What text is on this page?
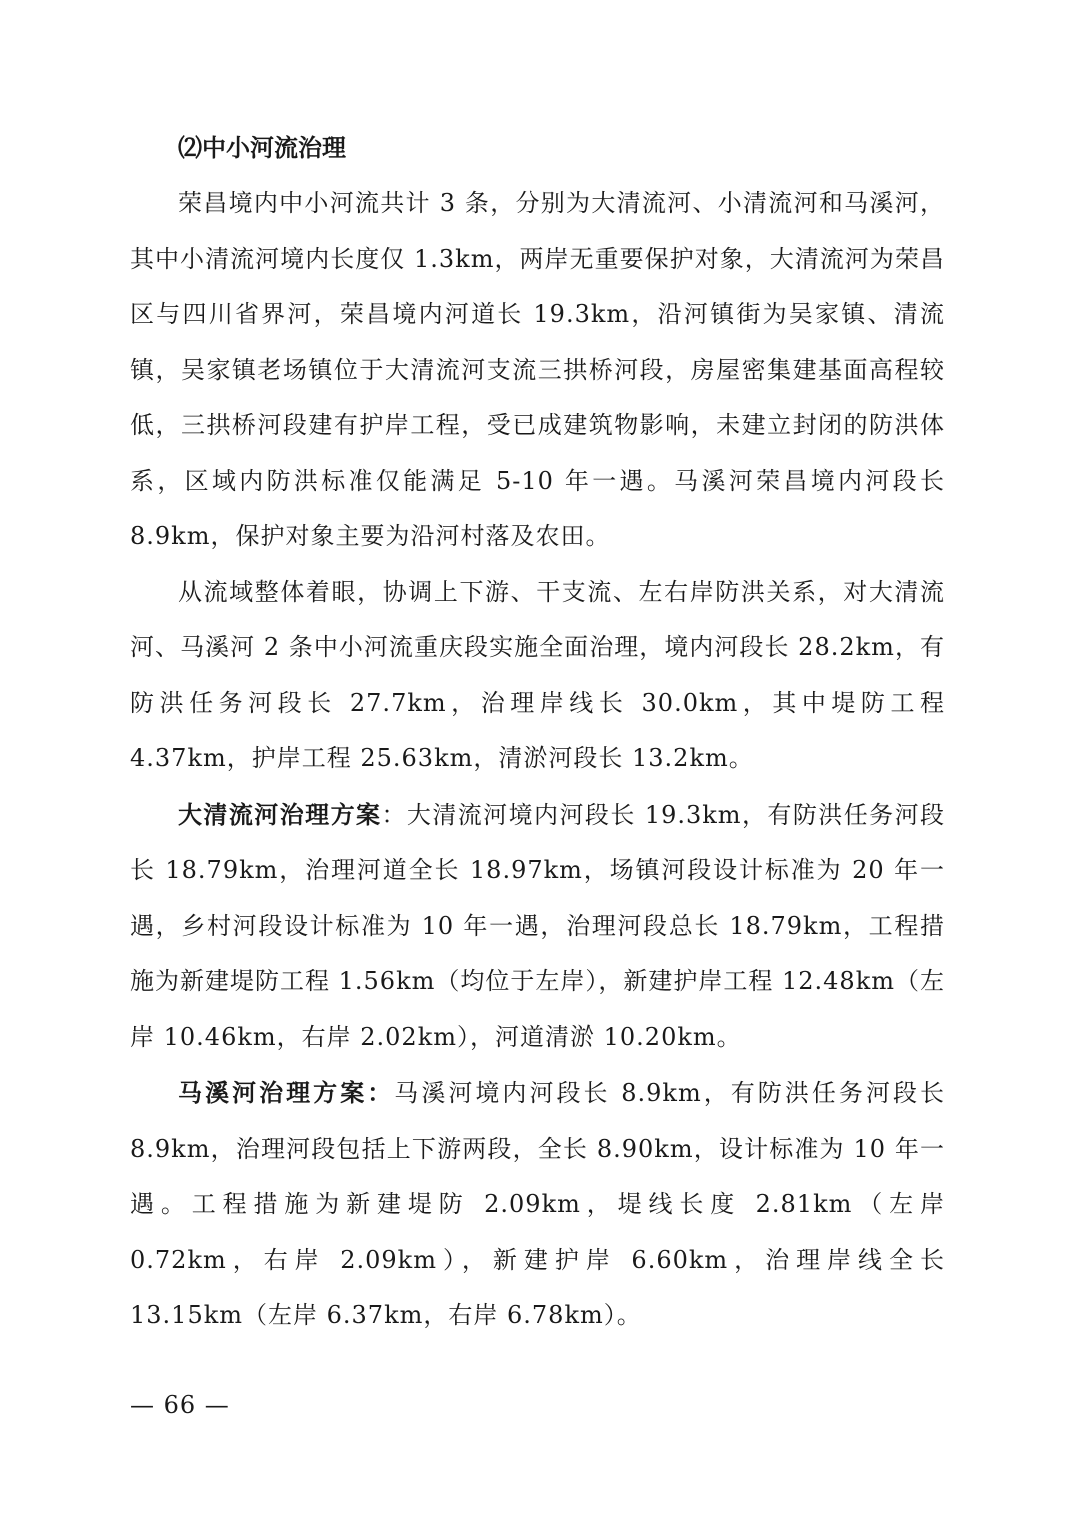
⑵中小河流治理

荣昌境内中小河流共计 3 条，分别为大清流河、小清流河和马溪河，其中小清流河境内长度仅 1.3km，两岸无重要保护对象，大清流河为荣昌区与四川省界河，荣昌境内河道长 19.3km，沿河镇街为吴家镇、清流镇，吴家镇老场镇位于大清流河支流三拱桥河段，房屋密集建基面高程较低，三拱桥河段建有护岸工程，受已成建筑物影响，未建立封闭的防洪体系，区域内防洪标准仅能满足 5-10 年一遇。马溪河荣昌境内河段长 8.9km，保护对象主要为沿河村落及农田。

从流域整体着眼，协调上下游、干支流、左右岸防洪关系，对大清流河、马溪河 2 条中小河流重庆段实施全面治理，境内河段长 28.2km，有防洪任务河段长 27.7km，治理岸线长 30.0km，其中堤防工程 4.37km，护岸工程 25.63km，清淤河段长 13.2km。

大清流河治理方案：大清流河境内河段长 19.3km，有防洪任务河段长 18.79km，治理河道全长 18.97km，场镇河段设计标准为 20 年一遇，乡村河段设计标准为 10 年一遇，治理河段总长 18.79km，工程措施为新建堤防工程 1.56km（均位于左岸），新建护岸工程 12.48km（左岸 10.46km，右岸 2.02km），河道清淤 10.20km。

马溪河治理方案：马溪河境内河段长 8.9km，有防洪任务河段长 8.9km，治理河段包括上下游两段，全长 8.90km，设计标准为 10 年一遇。工程措施为新建堤防 2.09km，堤线长度 2.81km（左岸 0.72km，右岸 2.09km），新建护岸 6.60km，治理岸线全长 13.15km（左岸 6.37km，右岸 6.78km）。

— 66 —
